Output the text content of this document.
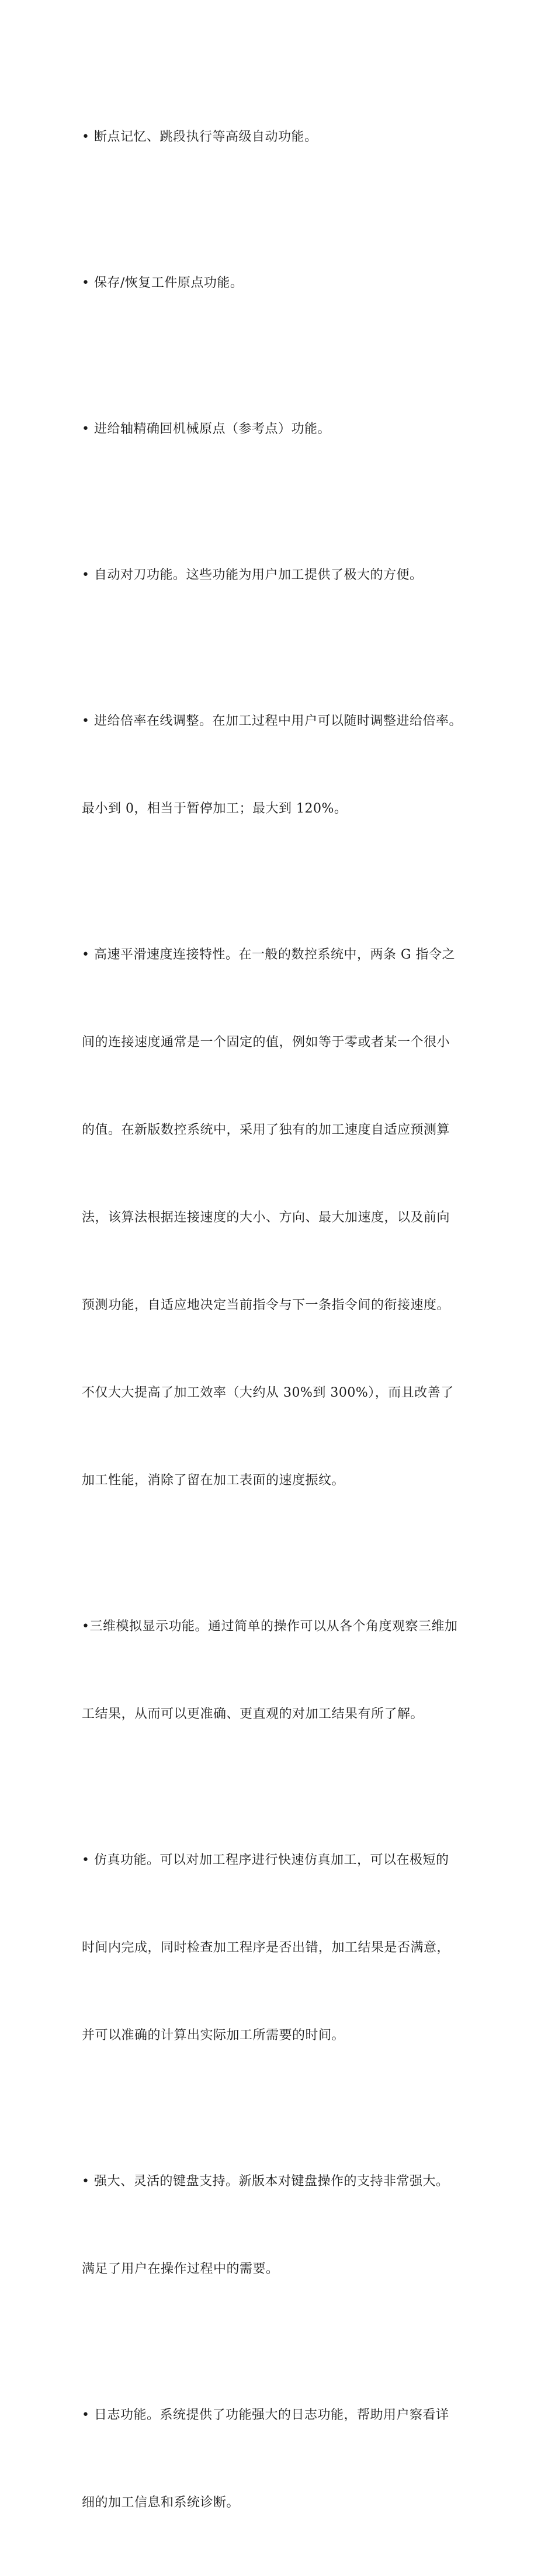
• 断点记忆、跳段执行等高级自动功能。

• 保存/恢复工件原点功能。

• 进给轴精确回机械原点（参考点）功能。

• 自动对刀功能。这些功能为用户加工提供了极大的方便。

• 进给倍率在线调整。在加工过程中用户可以随时调整进给倍率。

最小到 0，相当于暂停加工；最大到 120%。

• 高速平滑速度连接特性。在一般的数控系统中，两条 G 指令之

间的连接速度通常是一个固定的值，例如等于零或者某一个很小

的值。在新版数控系统中，采用了独有的加工速度自适应预测算

法，该算法根据连接速度的大小、方向、最大加速度，以及前向

预测功能，自适应地决定当前指令与下一条指令间的衔接速度。

不仅大大提高了加工效率（大约从 30%到 300%），而且改善了

加工性能，消除了留在加工表面的速度振纹。

•三维模拟显示功能。通过简单的操作可以从各个角度观察三维加

工结果，从而可以更准确、更直观的对加工结果有所了解。

• 仿真功能。可以对加工程序进行快速仿真加工，可以在极短的

时间内完成，同时检查加工程序是否出错，加工结果是否满意，

并可以准确的计算出实际加工所需要的时间。

• 强大、灵活的键盘支持。新版本对键盘操作的支持非常强大。

满足了用户在操作过程中的需要。

• 日志功能。系统提供了功能强大的日志功能，帮助用户察看详

细的加工信息和系统诊断。
